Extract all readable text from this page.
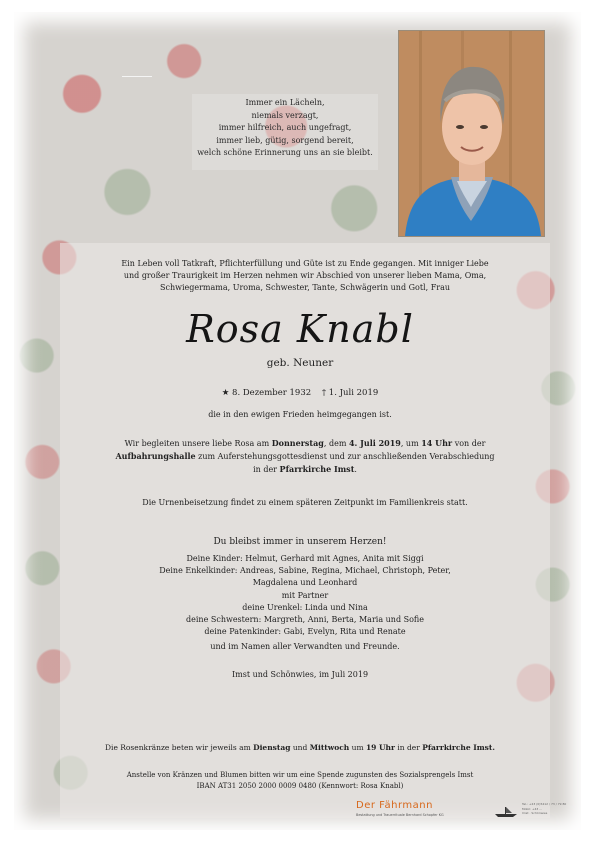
Immer ein Lächeln,
niemals verzagt,
immer hilfreich, auch ungefragt,
immer lieb, gütig, sorgend bereit,
welch schöne Erinnerung uns an sie bleibt.
Ein Leben voll Tatkraft, Pflichterfüllung und Güte ist zu Ende gegangen. Mit inniger Liebe
und großer Traurigkeit im Herzen nehmen wir Abschied von unserer lieben Mama, Oma,
Schwiegermama, Uroma, Schwester, Tante, Schwägerin und Gotl, Frau
Rosa Knabl
geb. Neuner
★ 8. Dezember 1932 † 1. Juli 2019
die in den ewigen Frieden heimgegangen ist.
Wir begleiten unsere liebe Rosa am Donnerstag, dem 4. Juli 2019, um 14 Uhr von der
Aufbahrungshalle zum Auferstehungsgottesdienst und zur anschließenden Verabschiedung
in der Pfarrkirche Imst.
Die Urnenbeisetzung findet zu einem späteren Zeitpunkt im Familienkreis statt.
Du bleibst immer in unserem Herzen!
Deine Kinder: Helmut, Gerhard mit Agnes, Anita mit Siggi
Deine Enkelkinder: Andreas, Sabine, Regina, Michael, Christoph, Peter,
Magdalena und Leonhard
mit Partner
deine Urenkel: Linda und Nina
deine Schwestern: Margreth, Anni, Berta, Maria und Sofie
deine Patenkinder: Gabi, Evelyn, Rita und Renate
und im Namen aller Verwandten und Freunde.
Imst und Schönwies, im Juli 2019
Die Rosenkränze beten wir jeweils am Dienstag und Mittwoch um 19 Uhr in der Pfarrkirche Imst.
Anstelle von Kränzen und Blumen bitten wir um eine Spende zugunsten des Sozialsprengels Imst
IBAN AT31 2050 2000 0009 0480 (Kennwort: Rosa Knabl)
Der Fährmann
Bestattung und Trauerrituale Bernhard Schopfer KG
Tel.: +43 (0)5412 / 73 / 79 80
Mobil: +43 ...
Imst · Schönwies
